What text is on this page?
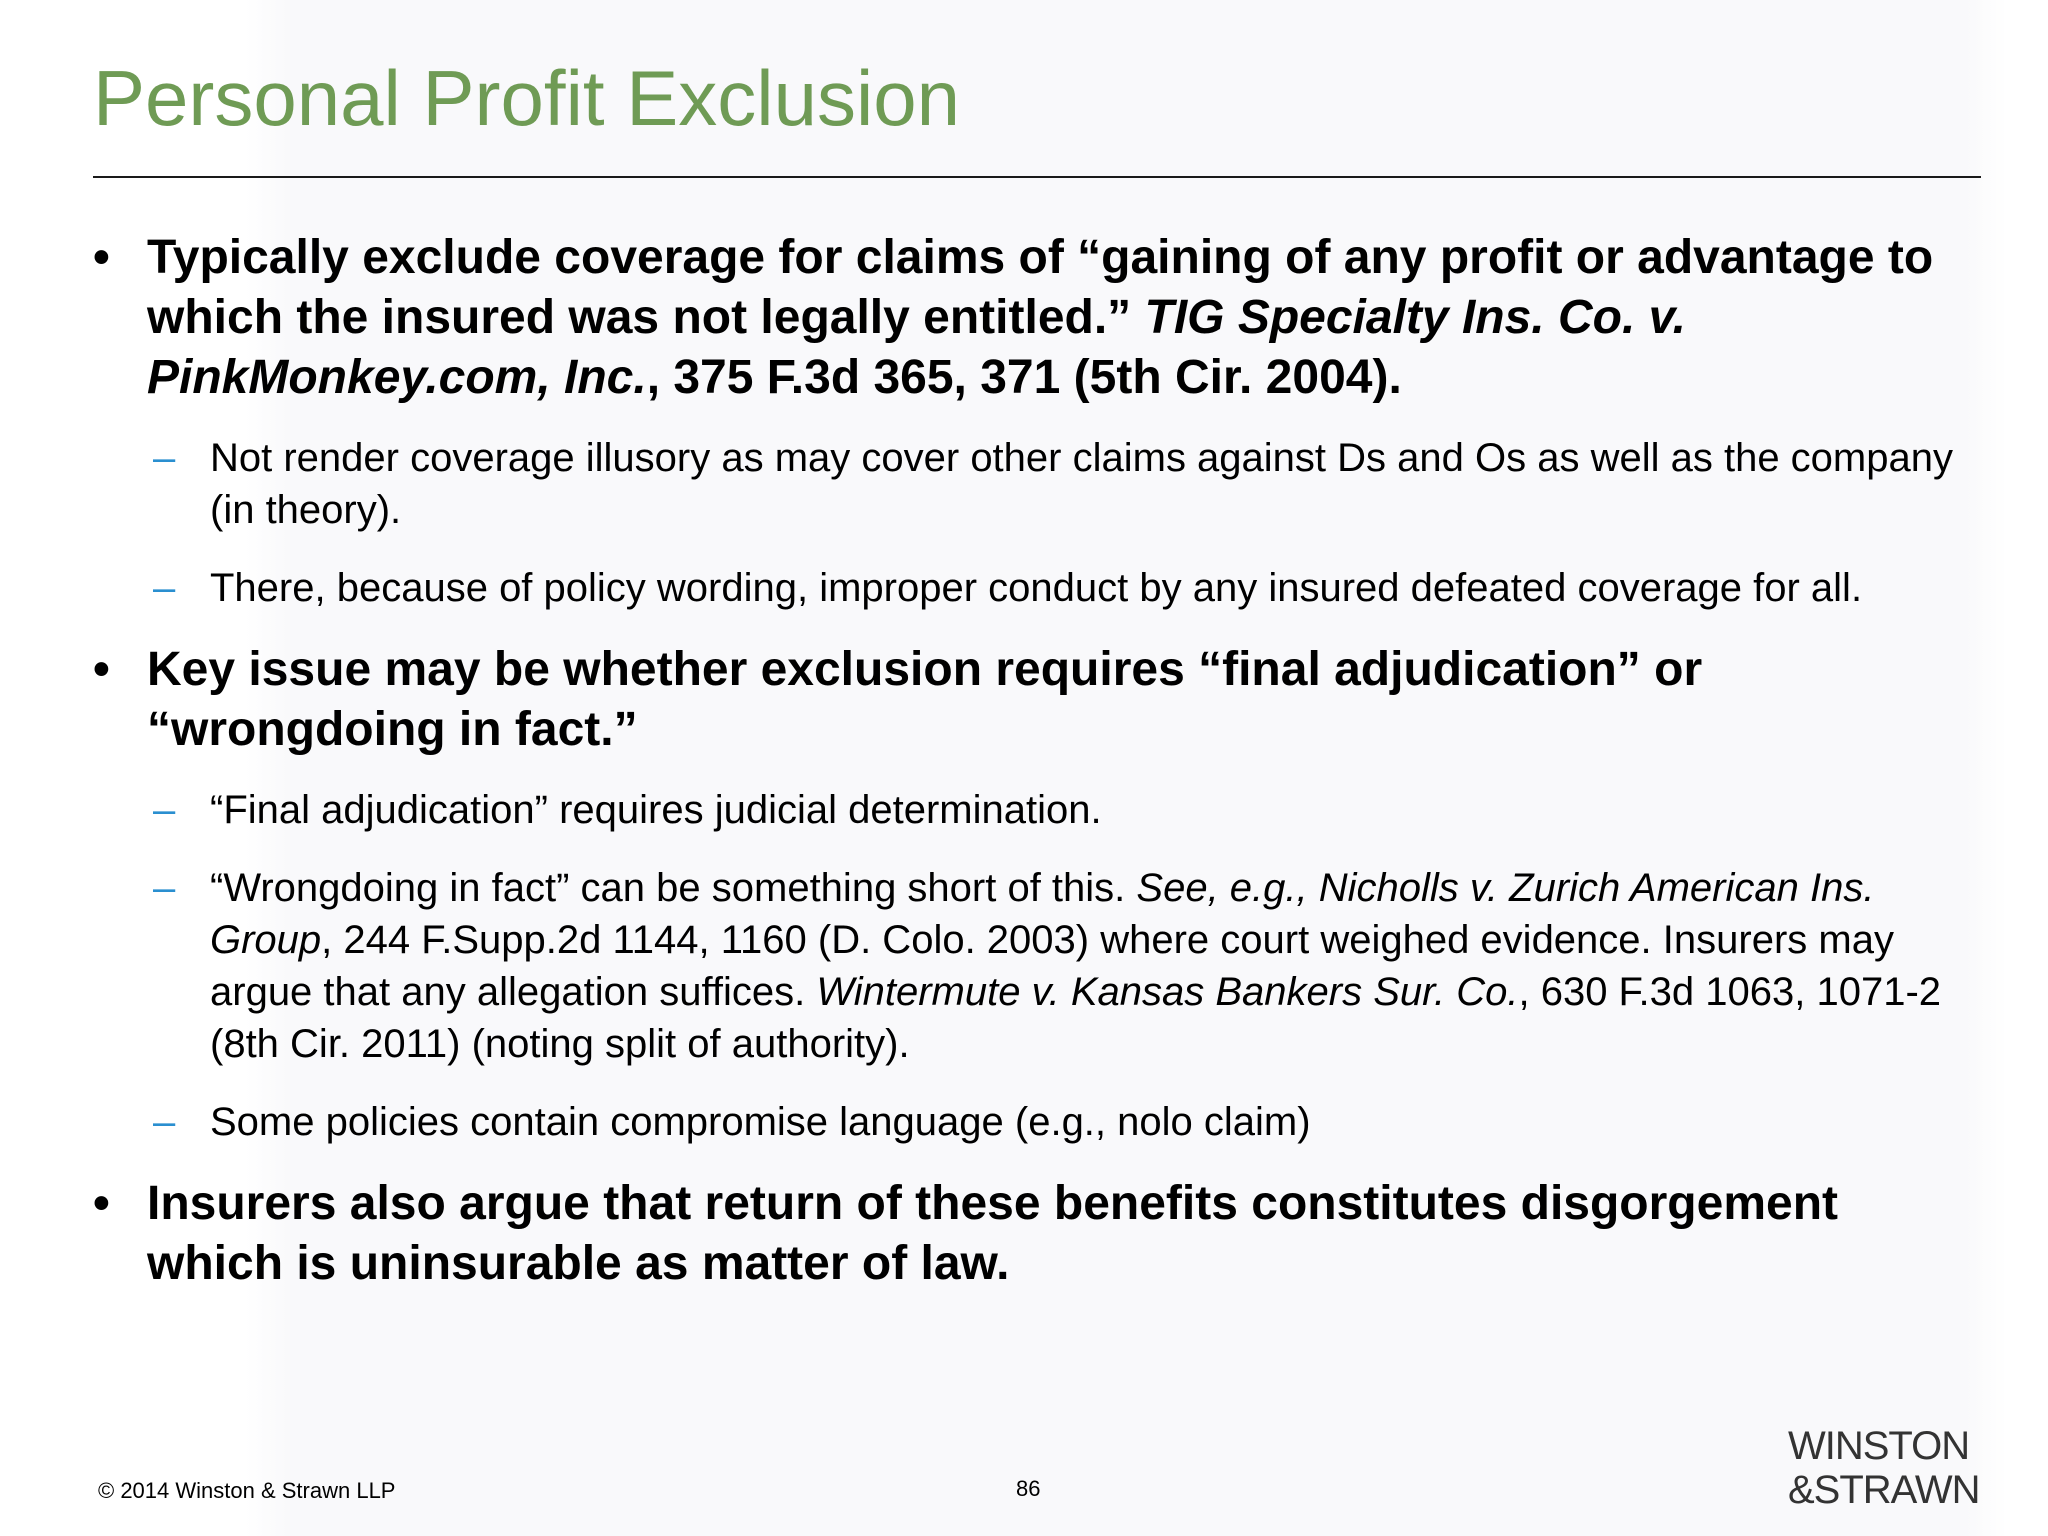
Personal Profit Exclusion
• Typically exclude coverage for claims of “gaining of any profit or advantage to which the insured was not legally entitled.” TIG Specialty Ins. Co. v. PinkMonkey.com, Inc., 375 F.3d 365, 371 (5th Cir. 2004).
– Not render coverage illusory as may cover other claims against Ds and Os as well as the company (in theory).
– There, because of policy wording, improper conduct by any insured defeated coverage for all.
• Key issue may be whether exclusion requires “final adjudication” or “wrongdoing in fact.”
– “Final adjudication” requires judicial determination.
– “Wrongdoing in fact” can be something short of this. See, e.g., Nicholls v. Zurich American Ins. Group, 244 F.Supp.2d 1144, 1160 (D. Colo. 2003) where court weighed evidence. Insurers may argue that any allegation suffices. Wintermute v. Kansas Bankers Sur. Co., 630 F.3d 1063, 1071-2 (8th Cir. 2011) (noting split of authority).
– Some policies contain compromise language (e.g., nolo claim)
• Insurers also argue that return of these benefits constitutes disgorgement which is uninsurable as matter of law.
© 2014 Winston & Strawn LLP	86
WINSTON
&STRAWN
